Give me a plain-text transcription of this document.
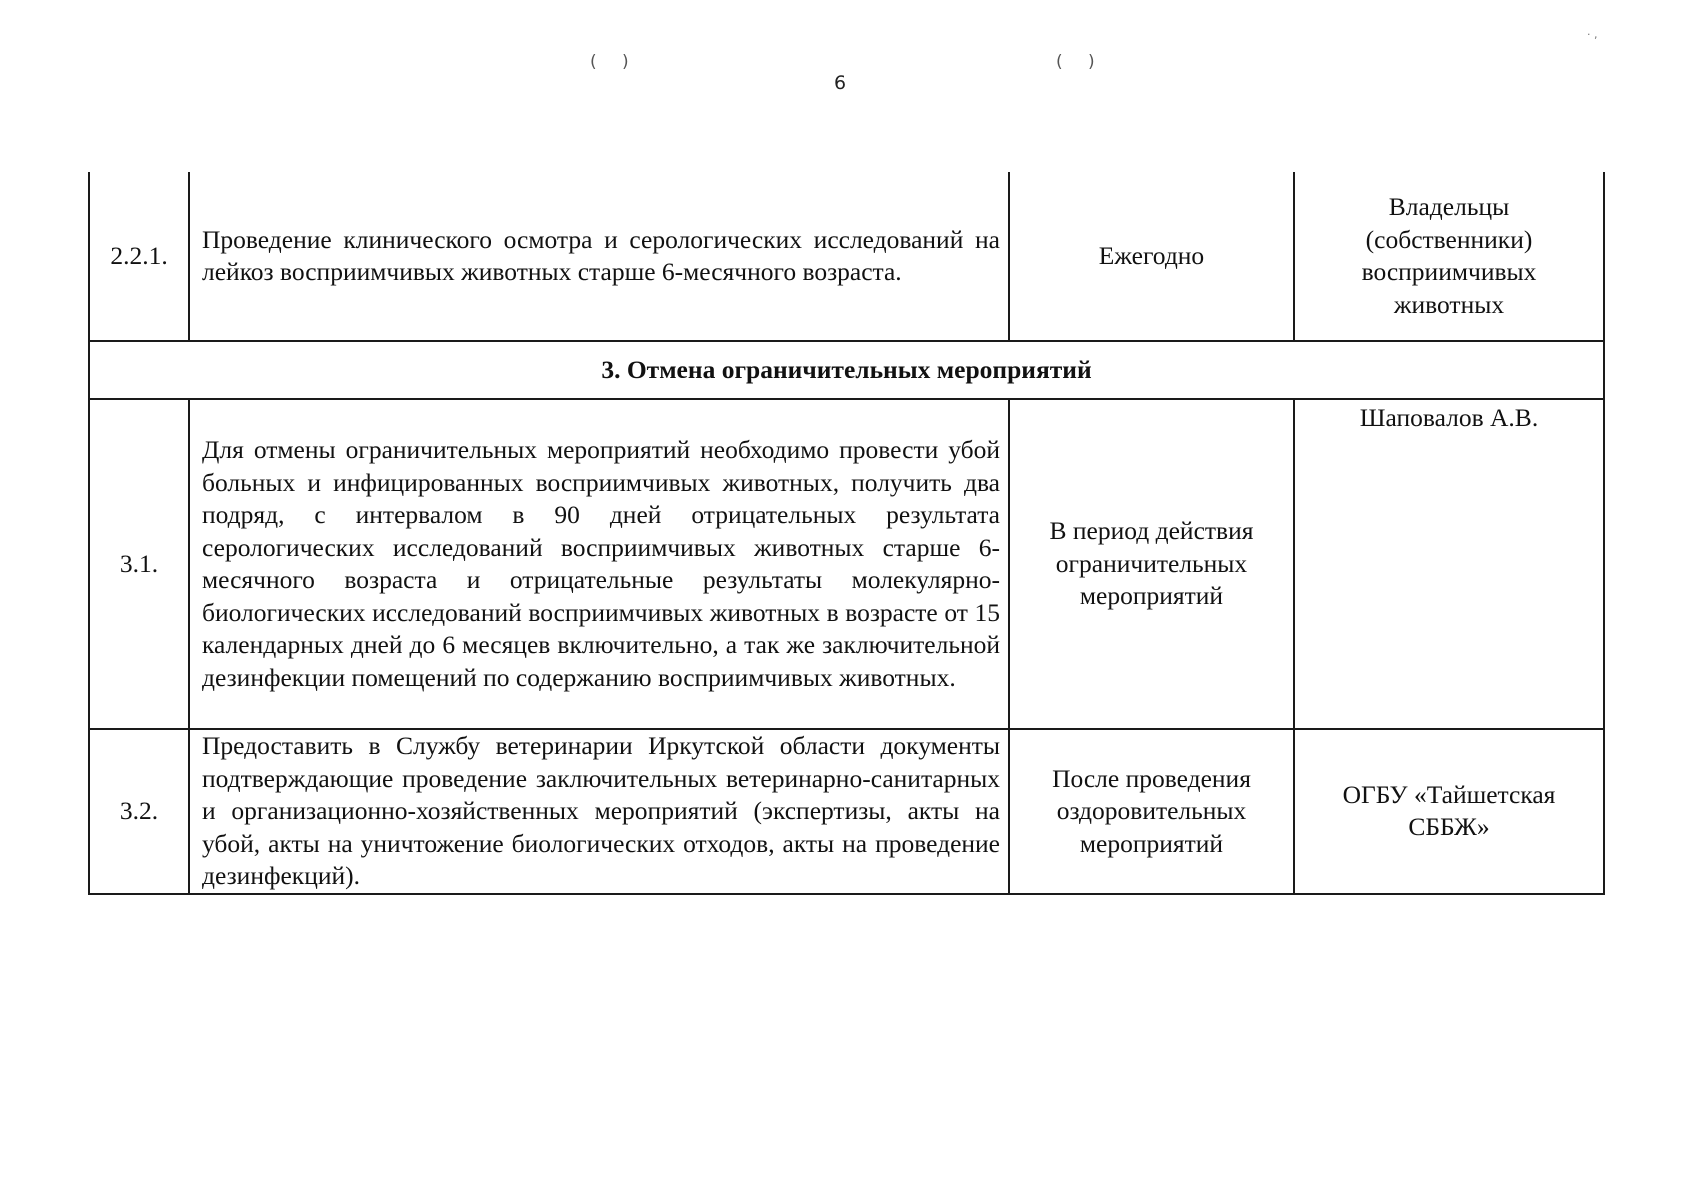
( )
6
( )
· ,
2.2.1.	Проведение клинического осмотра и серологических исследований на лейкоз восприимчивых животных старше 6-месячного возраста.	Ежегодно	Владельцы (собственники) восприимчивых животных
3. Отмена ограничительных мероприятий			
3.1.	Для отмены ограничительных мероприятий необходимо провести убой больных и инфицированных восприимчивых животных, получить два подряд, с интервалом в 90 дней отрицательных результата серологических исследований восприимчивых животных старше 6-месячного возраста и отрицательные результаты молекулярно-биологических исследований восприимчивых животных в возрасте от 15 календарных дней до 6 месяцев включительно, а так же заключительной дезинфекции помещений по содержанию восприимчивых животных.	В период действия ограничительных мероприятий	Шаповалов А.В.
3.2.	Предоставить в Службу ветеринарии Иркутской области документы подтверждающие проведение заключительных ветеринарно-санитарных и организационно-хозяйственных мероприятий (экспертизы, акты на убой, акты на уничтожение биологических отходов, акты на проведение дезинфекций).	После проведения оздоровительных мероприятий	ОГБУ «Тайшетская СББЖ»
